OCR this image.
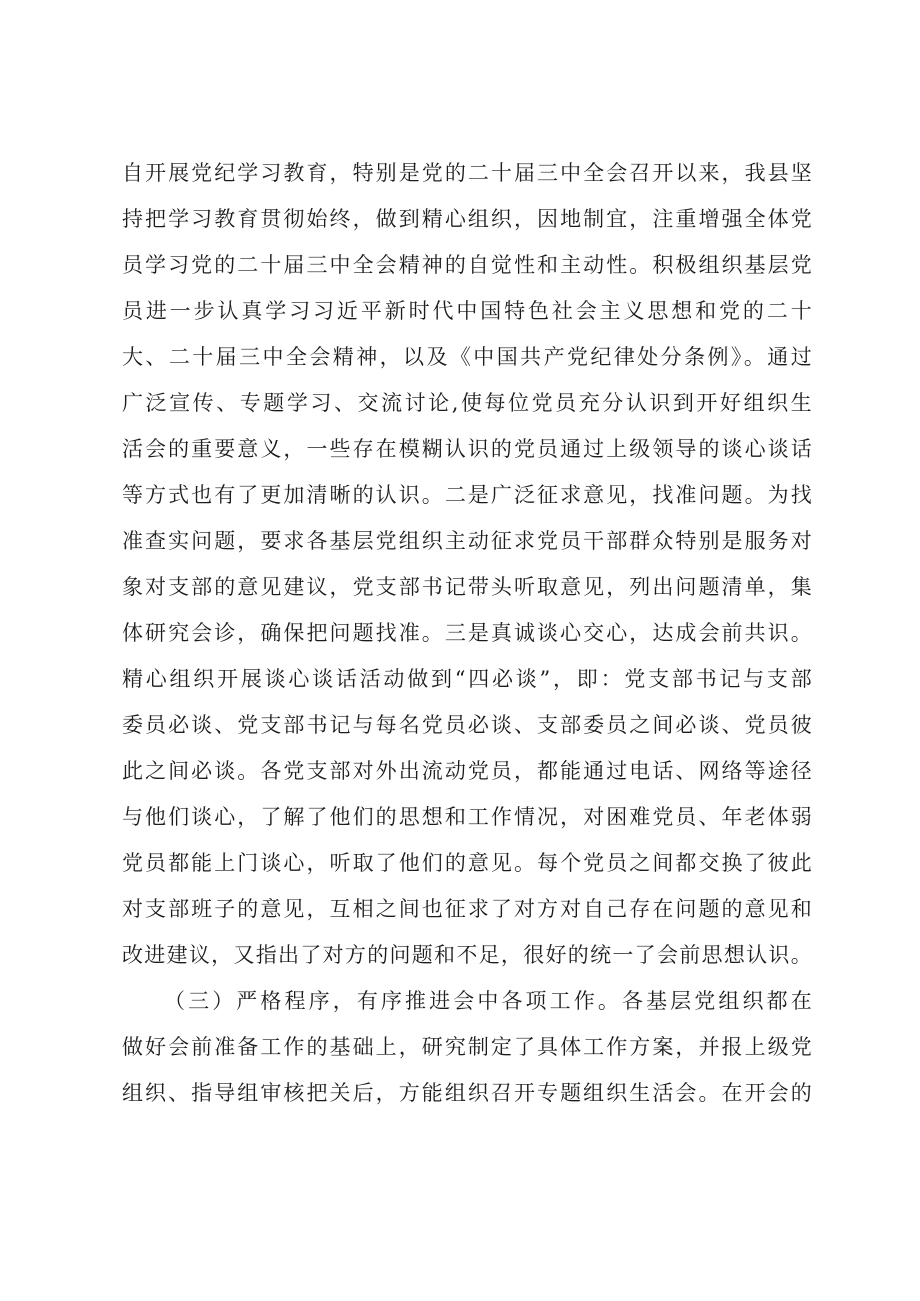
自开展党纪学习教育，特别是党的二十届三中全会召开以来，我县坚
持把学习教育贯彻始终，做到精心组织，因地制宜，注重增强全体党
员学习党的二十届三中全会精神的自觉性和主动性。积极组织基层党
员进一步认真学习习近平新时代中国特色社会主义思想和党的二十
大、二十届三中全会精神，以及《中国共产党纪律处分条例》。通过
广泛宣传、专题学习、交流讨论,使每位党员充分认识到开好组织生
活会的重要意义，一些存在模糊认识的党员通过上级领导的谈心谈话
等方式也有了更加清晰的认识。二是广泛征求意见，找准问题。为找
准查实问题，要求各基层党组织主动征求党员干部群众特别是服务对
象对支部的意见建议，党支部书记带头听取意见，列出问题清单，集
体研究会诊，确保把问题找准。三是真诚谈心交心，达成会前共识。
精心组织开展谈心谈话活动做到“四必谈”，即：党支部书记与支部
委员必谈、党支部书记与每名党员必谈、支部委员之间必谈、党员彼
此之间必谈。各党支部对外出流动党员，都能通过电话、网络等途径
与他们谈心，了解了他们的思想和工作情况，对困难党员、年老体弱
党员都能上门谈心，听取了他们的意见。每个党员之间都交换了彼此
对支部班子的意见，互相之间也征求了对方对自己存在问题的意见和
改进建议，又指出了对方的问题和不足，很好的统一了会前思想认识。
（三）严格程序，有序推进会中各项工作。各基层党组织都在
做好会前准备工作的基础上，研究制定了具体工作方案，并报上级党
组织、指导组审核把关后，方能组织召开专题组织生活会。在开会的
